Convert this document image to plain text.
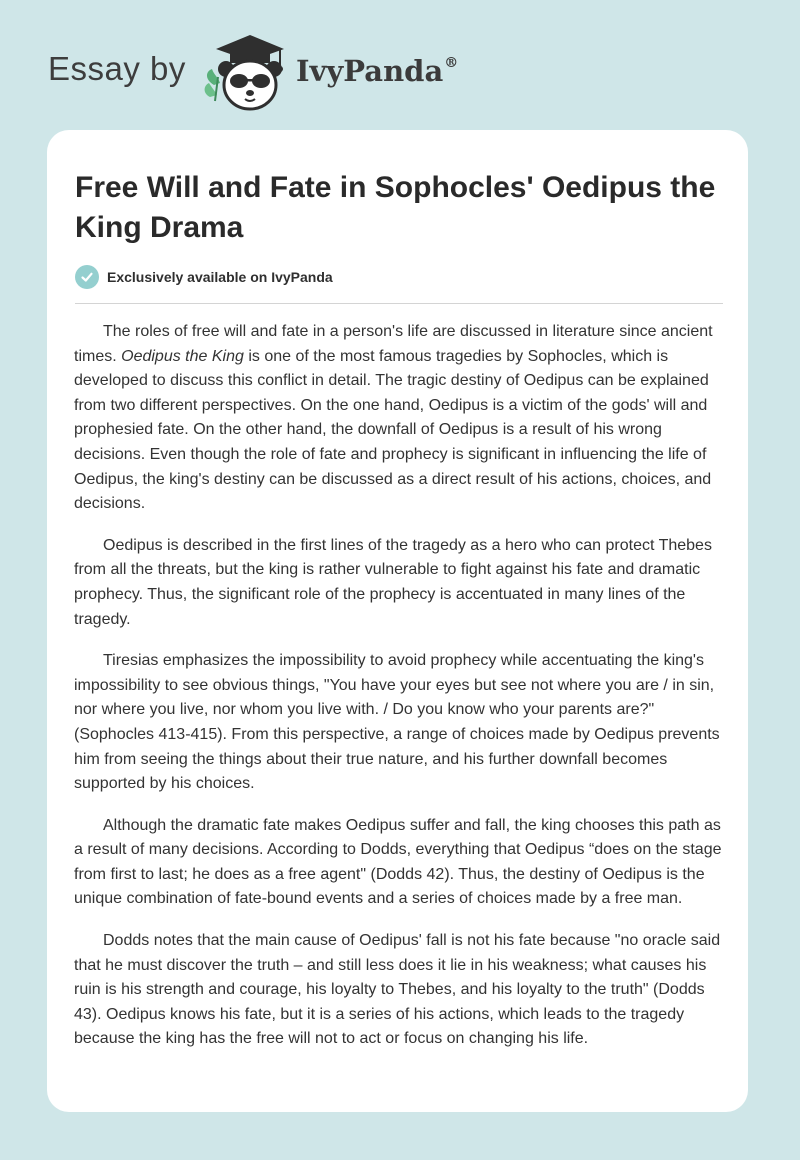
Essay by	IvyPanda®
Free Will and Fate in Sophocles' Oedipus the King Drama
Exclusively available on IvyPanda

The roles of free will and fate in a person's life are discussed in literature since ancient times. Oedipus the King is one of the most famous tragedies by Sophocles, which is developed to discuss this conflict in detail. The tragic destiny of Oedipus can be explained from two different perspectives. On the one hand, Oedipus is a victim of the gods' will and prophesied fate. On the other hand, the downfall of Oedipus is a result of his wrong decisions. Even though the role of fate and prophecy is significant in influencing the life of Oedipus, the king's destiny can be discussed as a direct result of his actions, choices, and decisions.

Oedipus is described in the first lines of the tragedy as a hero who can protect Thebes from all the threats, but the king is rather vulnerable to fight against his fate and dramatic prophecy. Thus, the significant role of the prophecy is accentuated in many lines of the tragedy.

Tiresias emphasizes the impossibility to avoid prophecy while accentuating the king's impossibility to see obvious things, "You have your eyes but see not where you are / in sin, nor where you live, nor whom you live with. / Do you know who your parents are?" (Sophocles 413-415). From this perspective, a range of choices made by Oedipus prevents him from seeing the things about their true nature, and his further downfall becomes supported by his choices.

Although the dramatic fate makes Oedipus suffer and fall, the king chooses this path as a result of many decisions. According to Dodds, everything that Oedipus “does on the stage from first to last; he does as a free agent" (Dodds 42). Thus, the destiny of Oedipus is the unique combination of fate-bound events and a series of choices made by a free man.

Dodds notes that the main cause of Oedipus' fall is not his fate because "no oracle said that he must discover the truth – and still less does it lie in his weakness; what causes his ruin is his strength and courage, his loyalty to Thebes, and his loyalty to the truth" (Dodds 43). Oedipus knows his fate, but it is a series of his actions, which leads to the tragedy because the king has the free will not to act or focus on changing his life.
